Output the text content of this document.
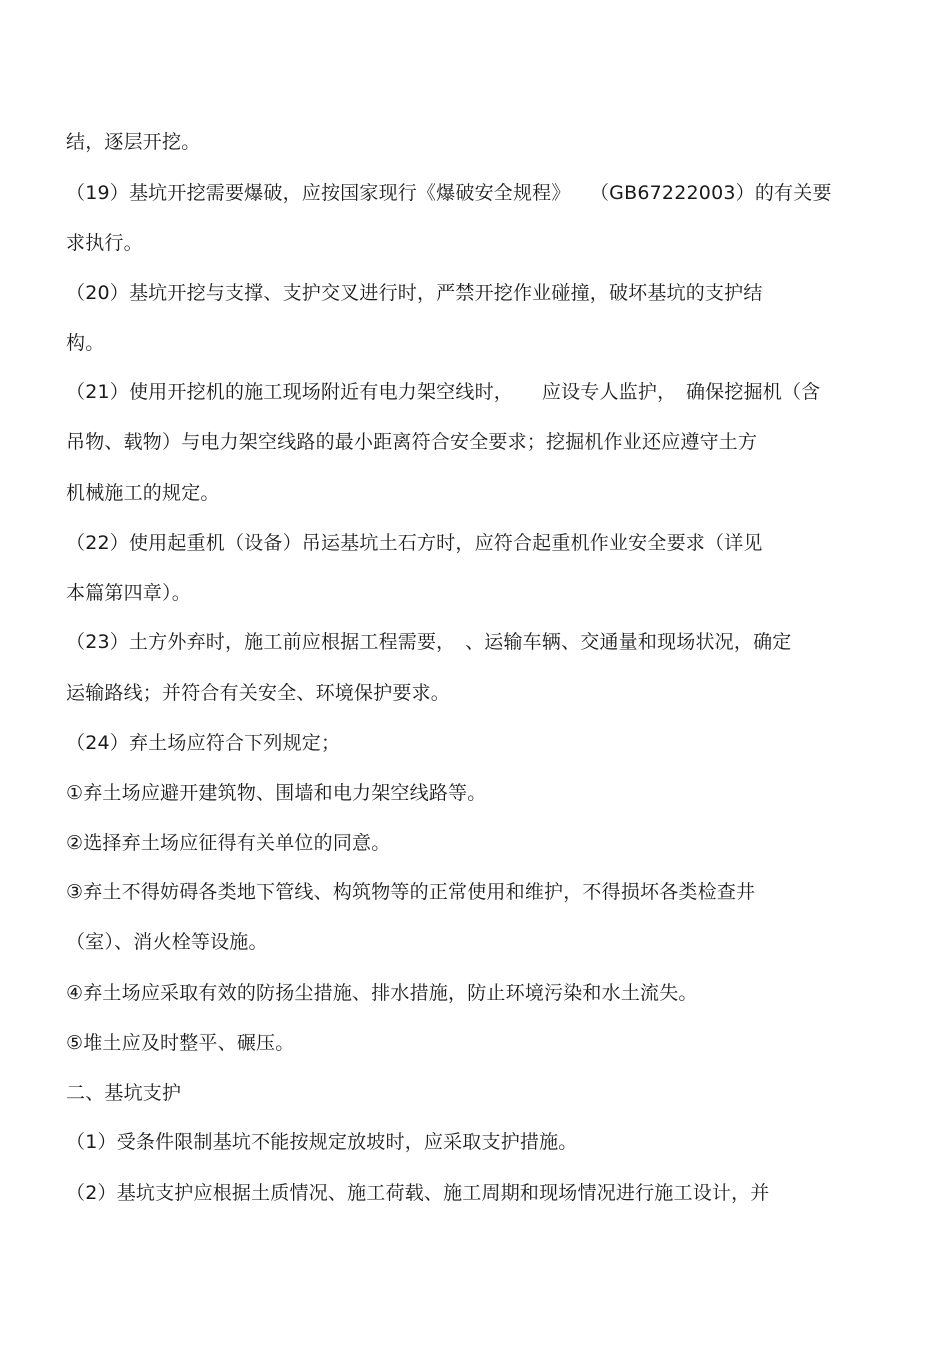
结，逐层开挖。
（19）基坑开挖需要爆破，应按国家现行《爆破安全规程》　　（GB67222003）的有关要
求执行。
（20）基坑开挖与支撑、支护交叉进行时，严禁开挖作业碰撞，破坏基坑的支护结
构。
（21）使用开挖机的施工现场附近有电力架空线时，　　应设专人监护，　确保挖掘机（含
吊物、载物）与电力架空线路的最小距离符合安全要求；挖掘机作业还应遵守土方
机械施工的规定。
（22）使用起重机（设备）吊运基坑土石方时，应符合起重机作业安全要求（详见
本篇第四章）。
（23）土方外弃时，施工前应根据工程需要，　、运输车辆、交通量和现场状况，确定
运输路线；并符合有关安全、环境保护要求。
（24）弃土场应符合下列规定；
①弃土场应避开建筑物、围墙和电力架空线路等。
②选择弃土场应征得有关单位的同意。
③弃土不得妨碍各类地下管线、构筑物等的正常使用和维护，不得损坏各类检查井
（室）、消火栓等设施。
④弃土场应采取有效的防扬尘措施、排水措施，防止环境污染和水土流失。
⑤堆土应及时整平、碾压。
二、基坑支护
（1）受条件限制基坑不能按规定放坡时，应采取支护措施。
（2）基坑支护应根据土质情况、施工荷载、施工周期和现场情况进行施工设计，并
